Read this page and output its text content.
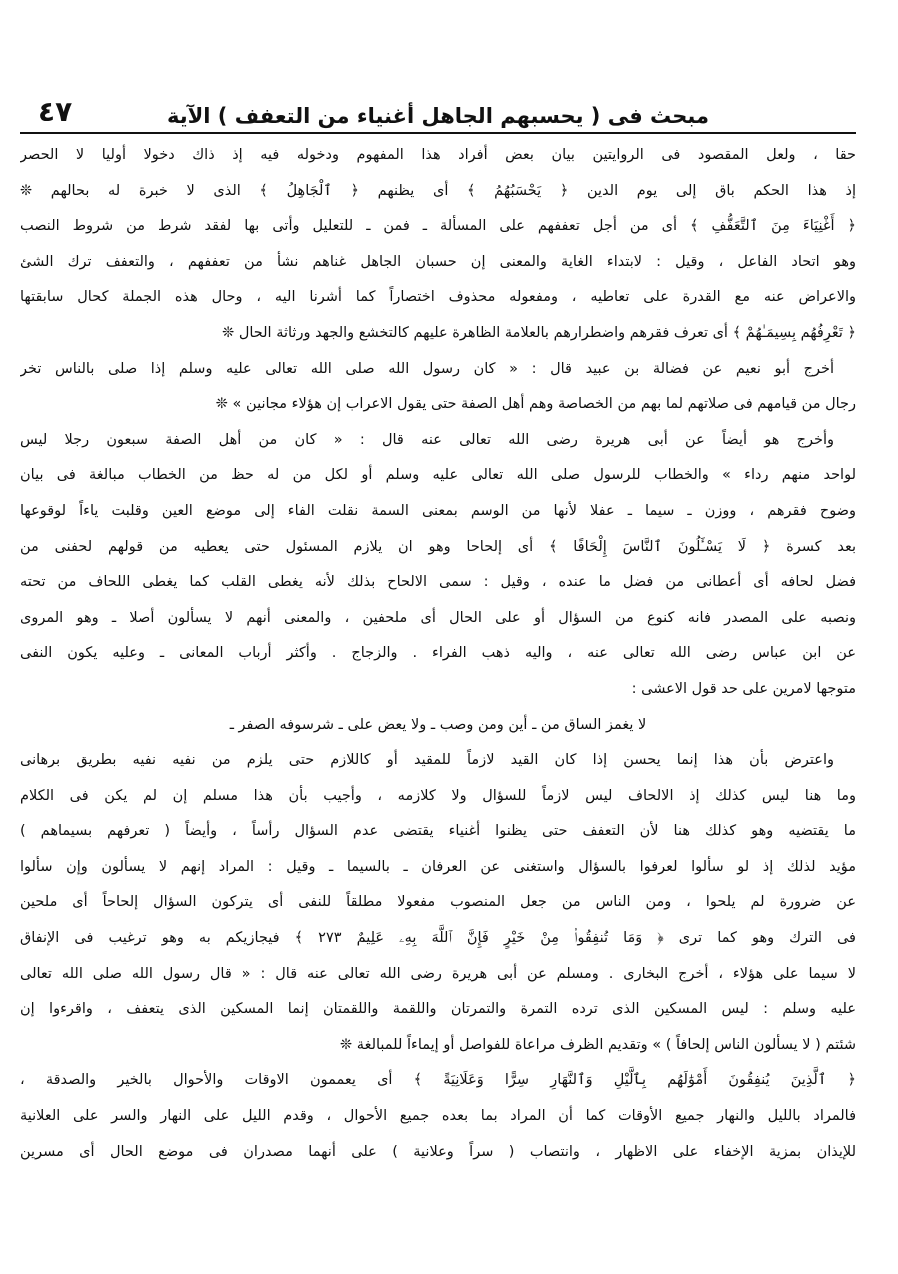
مبحث فى ( يحسبهم الجاهل أغنياء من التعفف ) الآية
٤٧
حقا ، ولعل المقصود فى الروايتين بيان بعض أفراد هذا المفهوم ودخوله فيه إذ ذاك دخولا أوليا لا الحصر
إذ هذا الحكم باق إلى يوم الدين ﴿ يَحْسَبُهُمُ ﴾ أى يظنهم ﴿ ٱلْجَاهِلُ ﴾ الذى لا خبرة له بحالهم ❊
﴿ أَغْنِيَاءَ مِنَ ٱلتَّعَفُّفِ ﴾ أى من أجل تعففهم على المسألة ـ فمن ـ للتعليل وأتى بها لفقد شرط من شروط النصب
وهو اتحاد الفاعل ، وقيل : لابتداء الغاية والمعنى إن حسبان الجاهل غناهم نشأ من تعففهم ، والتعفف ترك الشئ
والاعراض عنه مع القدرة على تعاطيه ، ومفعوله محذوف اختصاراً كما أشرنا اليه ، وحال هذه الجملة كحال سابقتها
﴿ تَعْرِفُهُم بِسِيمَـٰهُمْ ﴾ أى تعرف فقرهم واضطرارهم بالعلامة الظاهرة عليهم كالتخشع والجهد ورثاثة الحال ❊
أخرج أبو نعيم عن فضالة بن عبيد قال : « كان رسول الله صلى الله تعالى عليه وسلم إذا صلى بالناس تخر
رجال من قيامهم فى صلاتهم لما بهم من الخصاصة وهم أهل الصفة حتى يقول الاعراب إن هؤلاء مجانين » ❊
وأخرج هو أيضاً عن أبى هريرة رضى الله تعالى عنه قال : « كان من أهل الصفة سبعون رجلا ليس
لواحد منهم رداء » والخطاب للرسول صلى الله تعالى عليه وسلم أو لكل من له حظ من الخطاب مبالغة فى بيان
وضوح فقرهم ، ووزن ـ سيما ـ عفلا لأنها من الوسم بمعنى السمة نقلت الفاء إلى موضع العين وقلبت ياءاً لوقوعها
بعد كسرة ﴿ لَا يَسْـَٔلُونَ ٱلنَّاسَ إِلْحَافًا ﴾ أى إلحاحا وهو ان يلازم المسئول حتى يعطيه من قولهم لحفنى من
فضل لحافه أى أعطانى من فضل ما عنده ، وقيل : سمى الالحاح بذلك لأنه يغطى القلب كما يغطى اللحاف من تحته
ونصبه على المصدر فانه كنوع من السؤال أو على الحال أى ملحفين ، والمعنى أنهم لا يسألون أصلا ـ وهو المروى
عن ابن عباس رضى الله تعالى عنه ، واليه ذهب الفراء . والزجاج . وأكثر أرباب المعانى ـ وعليه يكون النفى
متوجها لامرين على حد قول الاعشى :
لا يغمز الساق من ـ أين ومن وصب ـ ولا يعض على ـ شرسوفه الصفر ـ
واعترض بأن هذا إنما يحسن إذا كان القيد لازماً للمقيد أو كاللازم حتى يلزم من نفيه نفيه بطريق برهانى
وما هنا ليس كذلك إذ الالحاف ليس لازماً للسؤال ولا كلازمه ، وأجيب بأن هذا مسلم إن لم يكن فى الكلام
ما يقتضيه وهو كذلك هنا لأن التعفف حتى يظنوا أغنياء يقتضى عدم السؤال رأساً ، وأيضاً ( تعرفهم بسيماهم )
مؤيد لذلك إذ لو سألوا لعرفوا بالسؤال واستغنى عن العرفان ـ بالسيما ـ وقيل : المراد إنهم لا يسألون وإن سألوا
عن ضرورة لم يلحوا ، ومن الناس من جعل المنصوب مفعولا مطلقاً للنفى أى يتركون السؤال إلحاحاً أى ملحين
فى الترك وهو كما ترى ﴿ وَمَا تُنفِقُوا۟ مِنْ خَيْرٍ فَإِنَّ ٱللَّهَ بِهِۦ عَلِيمٌ ٢٧٣ ﴾ فيجازيكم به وهو ترغيب فى الإنفاق
لا سيما على هؤلاء ، أخرج البخارى . ومسلم عن أبى هريرة رضى الله تعالى عنه قال : « قال رسول الله صلى الله تعالى
عليه وسلم : ليس المسكين الذى ترده التمرة والتمرتان واللقمة واللقمتان إنما المسكين الذى يتعفف ، واقرءوا إن
شئتم ( لا يسألون الناس إلحافاً ) » وتقديم الظرف مراعاة للفواصل أو إيماءاً للمبالغة ❊
﴿ ٱلَّذِينَ يُنفِقُونَ أَمْوَٰلَهُم بِٱلَّيْلِ وَٱلنَّهَارِ سِرًّا وَعَلَانِيَةً ﴾ أى يعممون الاوقات والأحوال بالخير والصدقة ،
فالمراد بالليل والنهار جميع الأوقات كما أن المراد بما بعده جميع الأحوال ، وقدم الليل على النهار والسر على العلانية
للإيذان بمزية الإخفاء على الاظهار ، وانتصاب ( سراً وعلانية ) على أنهما مصدران فى موضع الحال أى مسرين
